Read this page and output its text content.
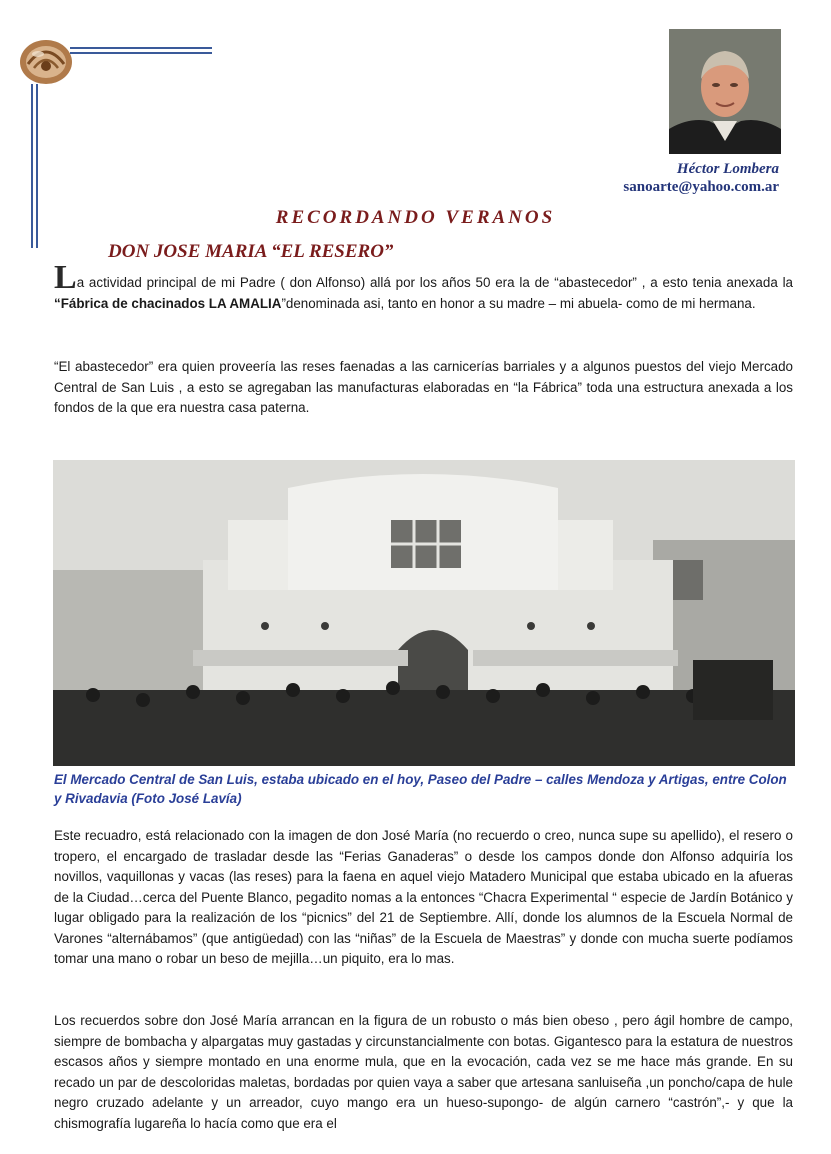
Héctor Lombera
sanoarte@yahoo.com.ar
RECORDANDO VERANOS
DON JOSE MARIA “EL RESERO”

La actividad principal de mi Padre ( don Alfonso) allá por los años 50 era la de “abastecedor” , a esto tenia anexada la “Fábrica de chacinados LA AMALIA”denominada asi, tanto en honor a su madre – mi abuela- como de mi hermana.

“El abastecedor” era quien proveería las reses faenadas a las carnicerías barriales y a algunos puestos del viejo Mercado Central de San Luis , a esto se agregaban las manufacturas elaboradas en “la Fábrica” toda una estructura anexada a los fondos de la que era nuestra casa paterna.

El Mercado Central de San Luis, estaba ubicado en el hoy, Paseo del Padre – calles Mendoza y Artigas, entre Colon y Rivadavia (Foto José Lavía)

Este recuadro, está relacionado con la imagen de don José María (no recuerdo o creo, nunca supe su apellido), el resero o tropero, el encargado de trasladar desde las “Ferias Ganaderas” o desde los campos donde don Alfonso adquiría los novillos, vaquillonas y vacas (las reses) para la faena en aquel viejo Matadero Municipal que estaba ubicado en la afueras de la Ciudad…cerca del Puente Blanco, pegadito nomas a la entonces “Chacra Experimental “ especie de Jardín Botánico y lugar obligado para la realización de los “picnics” del 21 de Septiembre. Allí, donde los alumnos de la Escuela Normal de Varones “alternábamos” (que antigüedad) con las “niñas” de la Escuela de Maestras” y donde con mucha suerte podíamos tomar una mano o robar un beso de mejilla…un piquito, era lo mas.

Los recuerdos sobre don José María arrancan en la figura de un robusto o más bien obeso , pero ágil hombre de campo, siempre de bombacha y alpargatas muy gastadas y circunstancialmente con botas. Gigantesco para la estatura de nuestros escasos años y siempre montado en una enorme mula, que en la evocación, cada vez se me hace más grande. En su recado un par de descoloridas maletas, bordadas por quien vaya a saber que artesana sanluiseña ,un poncho/capa de hule negro cruzado adelante y un arreador, cuyo mango era un hueso-supongo- de algún carnero “castrón”,- y que la chismografía lugareña lo hacía como que era el
